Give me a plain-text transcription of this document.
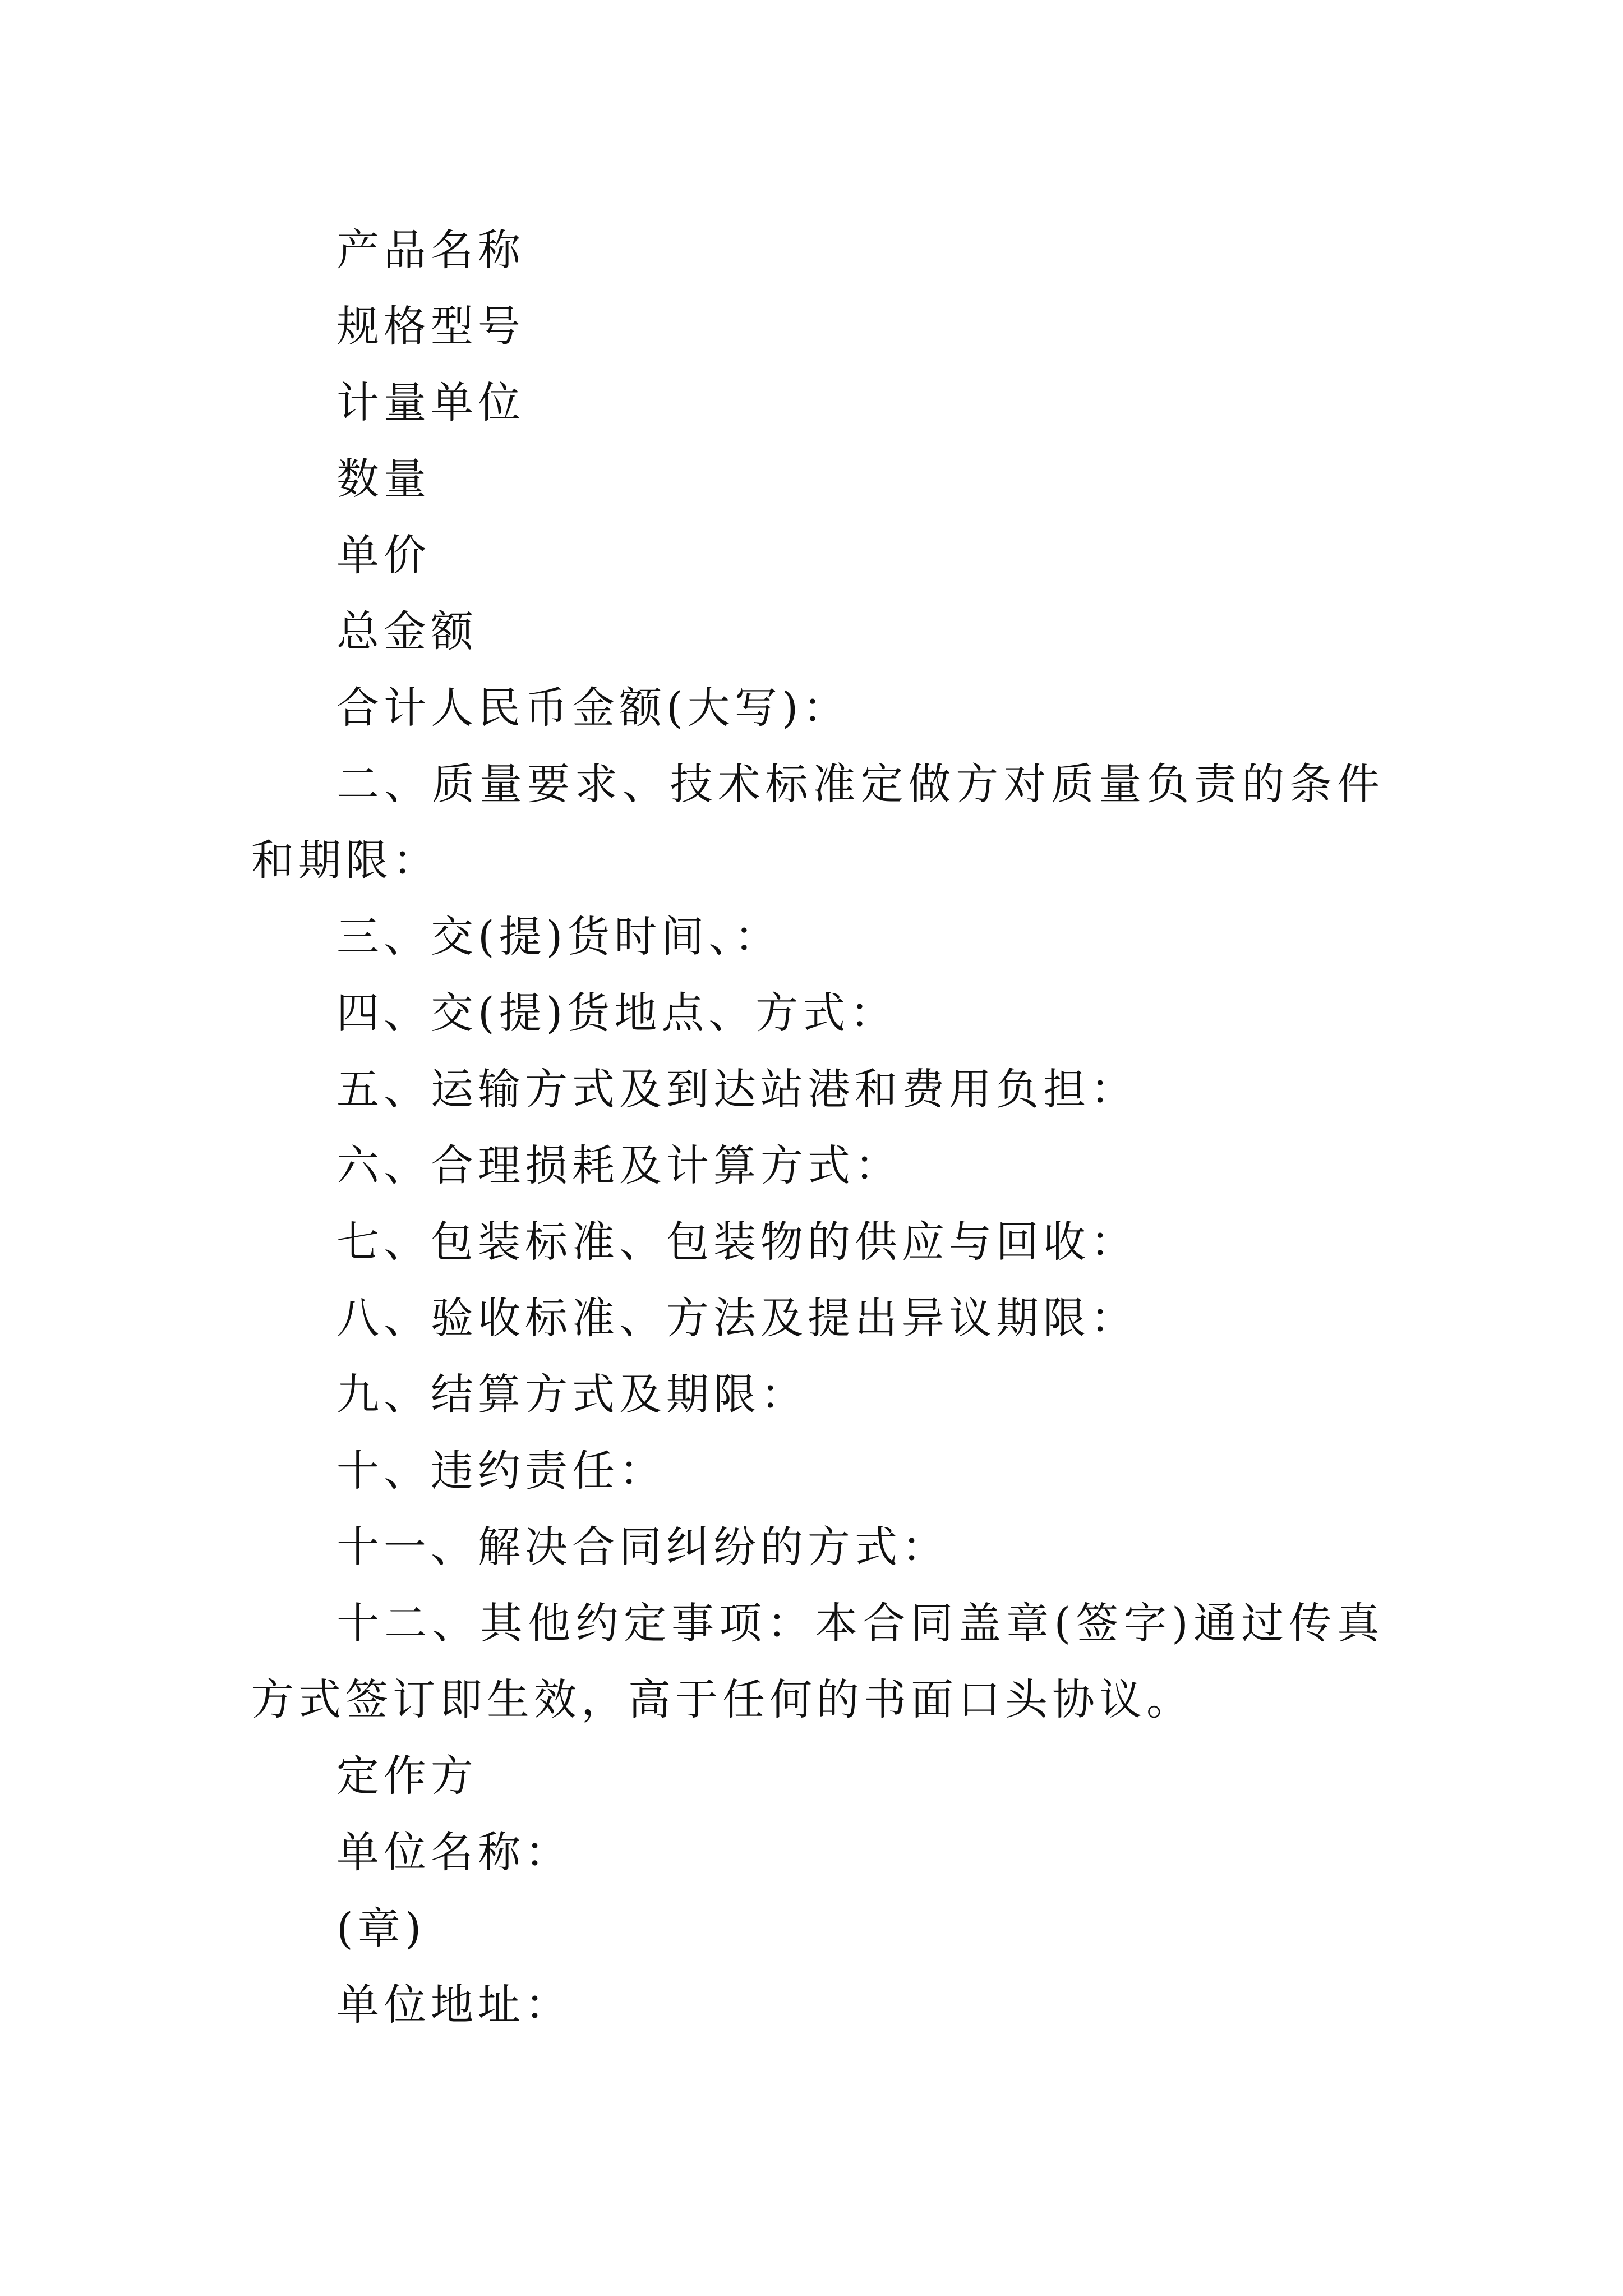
产品名称

规格型号

计量单位

数量

单价

总金额

合计人民币金额(大写)：

二、质量要求、技术标准定做方对质量负责的条件和期限：

三、交(提)货时间、：

四、交(提)货地点、方式：

五、运输方式及到达站港和费用负担：

六、合理损耗及计算方式：

七、包装标准、包装物的供应与回收：

八、验收标准、方法及提出异议期限：

九、结算方式及期限：

十、违约责任：

十一、解决合同纠纷的方式：

十二、其他约定事项：本合同盖章(签字)通过传真方式签订即生效，高于任何的书面口头协议。

定作方

单位名称：

(章)

单位地址：
